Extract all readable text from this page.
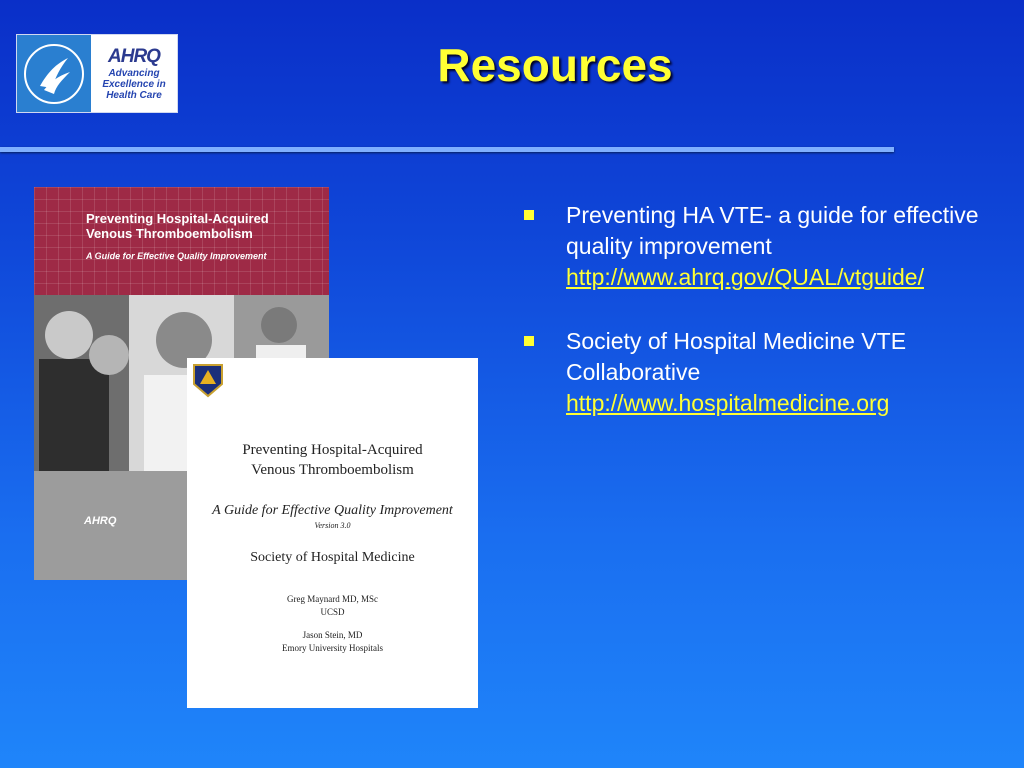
AHRQ
Advancing
Excellence in
Health Care
Resources
Preventing Hospital-Acquired Venous Thromboembolism
A Guide for Effective Quality Improvement
AHRQ
Preventing Hospital-Acquired
Venous Thromboembolism
A Guide for Effective Quality Improvement
Version 3.0
Society of Hospital Medicine
Greg Maynard MD, MSc
UCSD
Jason Stein, MD
Emory University Hospitals
Preventing HA VTE- a guide for effective quality improvement
http://www.ahrq.gov/QUAL/vtguide/
Society of Hospital Medicine VTE Collaborative
http://www.hospitalmedicine.org
